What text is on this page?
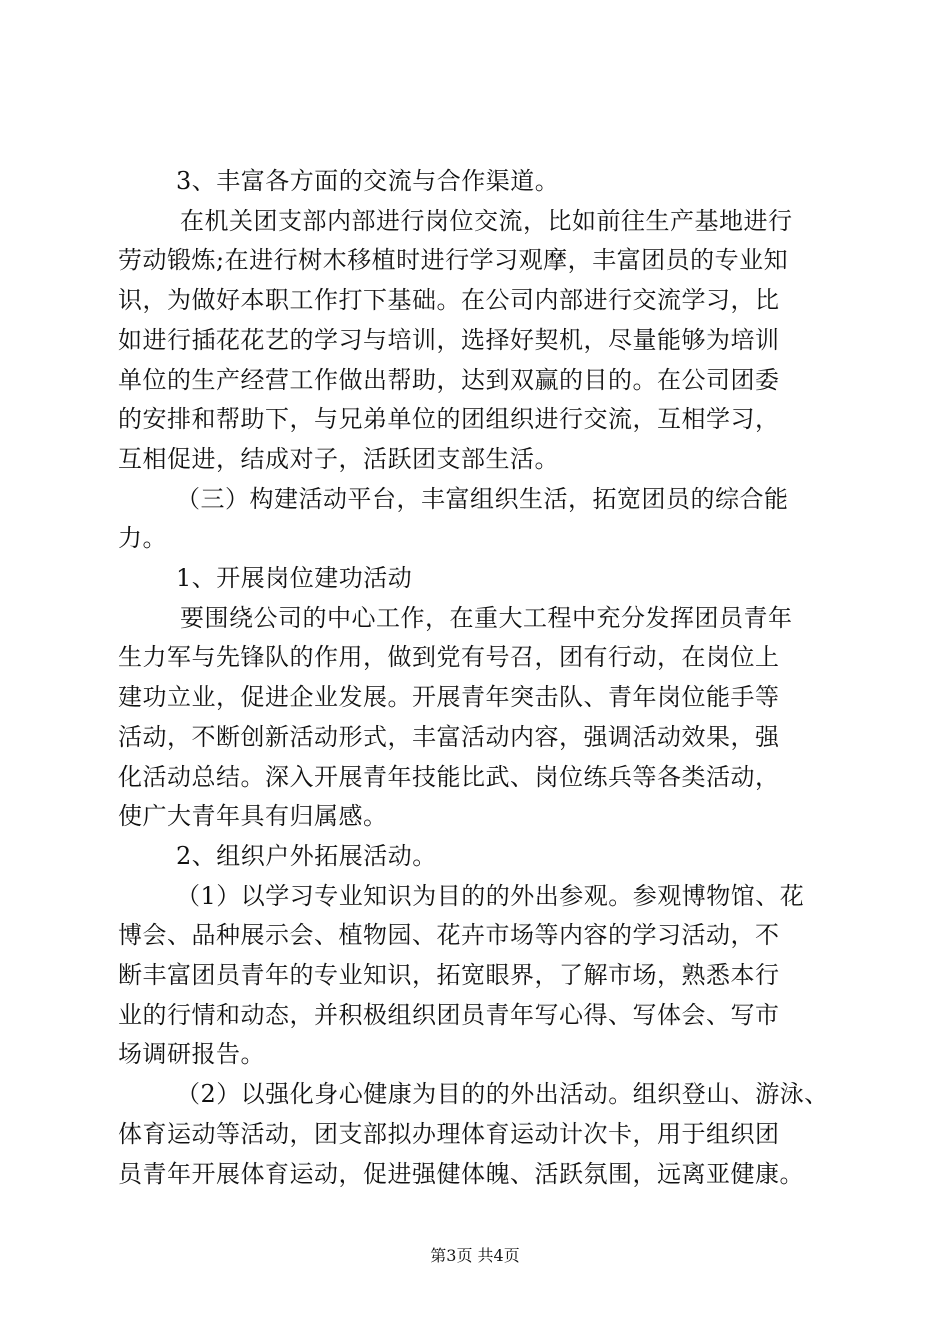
3、丰富各方面的交流与合作渠道。
在机关团支部内部进行岗位交流，比如前往生产基地进行
劳动锻炼;在进行树木移植时进行学习观摩，丰富团员的专业知
识，为做好本职工作打下基础。在公司内部进行交流学习，比
如进行插花花艺的学习与培训，选择好契机，尽量能够为培训
单位的生产经营工作做出帮助，达到双赢的目的。在公司团委
的安排和帮助下，与兄弟单位的团组织进行交流，互相学习，
互相促进，结成对子，活跃团支部生活。
（三）构建活动平台，丰富组织生活，拓宽团员的综合能
力。
1、开展岗位建功活动
要围绕公司的中心工作，在重大工程中充分发挥团员青年
生力军与先锋队的作用，做到党有号召，团有行动，在岗位上
建功立业，促进企业发展。开展青年突击队、青年岗位能手等
活动，不断创新活动形式，丰富活动内容，强调活动效果，强
化活动总结。深入开展青年技能比武、岗位练兵等各类活动，
使广大青年具有归属感。
2、组织户外拓展活动。
（1）以学习专业知识为目的的外出参观。参观博物馆、花
博会、品种展示会、植物园、花卉市场等内容的学习活动，不
断丰富团员青年的专业知识，拓宽眼界，了解市场，熟悉本行
业的行情和动态，并积极组织团员青年写心得、写体会、写市
场调研报告。
（2）以强化身心健康为目的的外出活动。组织登山、游泳、
体育运动等活动，团支部拟办理体育运动计次卡，用于组织团
员青年开展体育运动，促进强健体魄、活跃氛围，远离亚健康。
第3页 共4页
